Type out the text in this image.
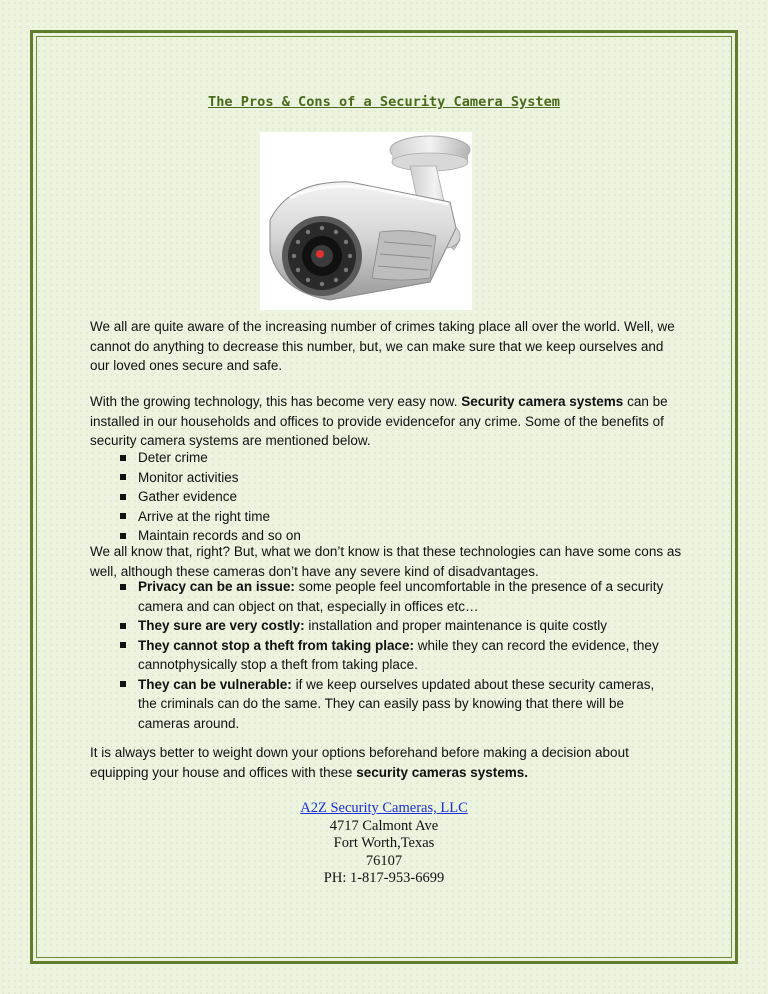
The Pros & Cons of a Security Camera System

We all are quite aware of the increasing number of crimes taking place all over the world. Well, we cannot do anything to decrease this number, but, we can make sure that we keep ourselves and our loved ones secure and safe.

With the growing technology, this has become very easy now. Security camera systems can be installed in our households and offices to provide evidencefor any crime. Some of the benefits of security camera systems are mentioned below.

Deter crime
Monitor activities
Gather evidence
Arrive at the right time
Maintain records and so on

We all know that, right? But, what we don’t know is that these technologies can have some cons as well, although these cameras don’t have any severe kind of disadvantages.

Privacy can be an issue: some people feel uncomfortable in the presence of a security camera and can object on that, especially in offices etc…
They sure are very costly: installation and proper maintenance is quite costly
They cannot stop a theft from taking place: while they can record the evidence, they cannotphysically stop a theft from taking place.
They can be vulnerable: if we keep ourselves updated about these security cameras, the criminals can do the same. They can easily pass by knowing that there will be cameras around.

It is always better to weight down your options beforehand before making a decision about equipping your house and offices with these security cameras systems.

A2Z Security Cameras, LLC
4717 Calmont Ave
Fort Worth,Texas
76107
PH: 1-817-953-6699
